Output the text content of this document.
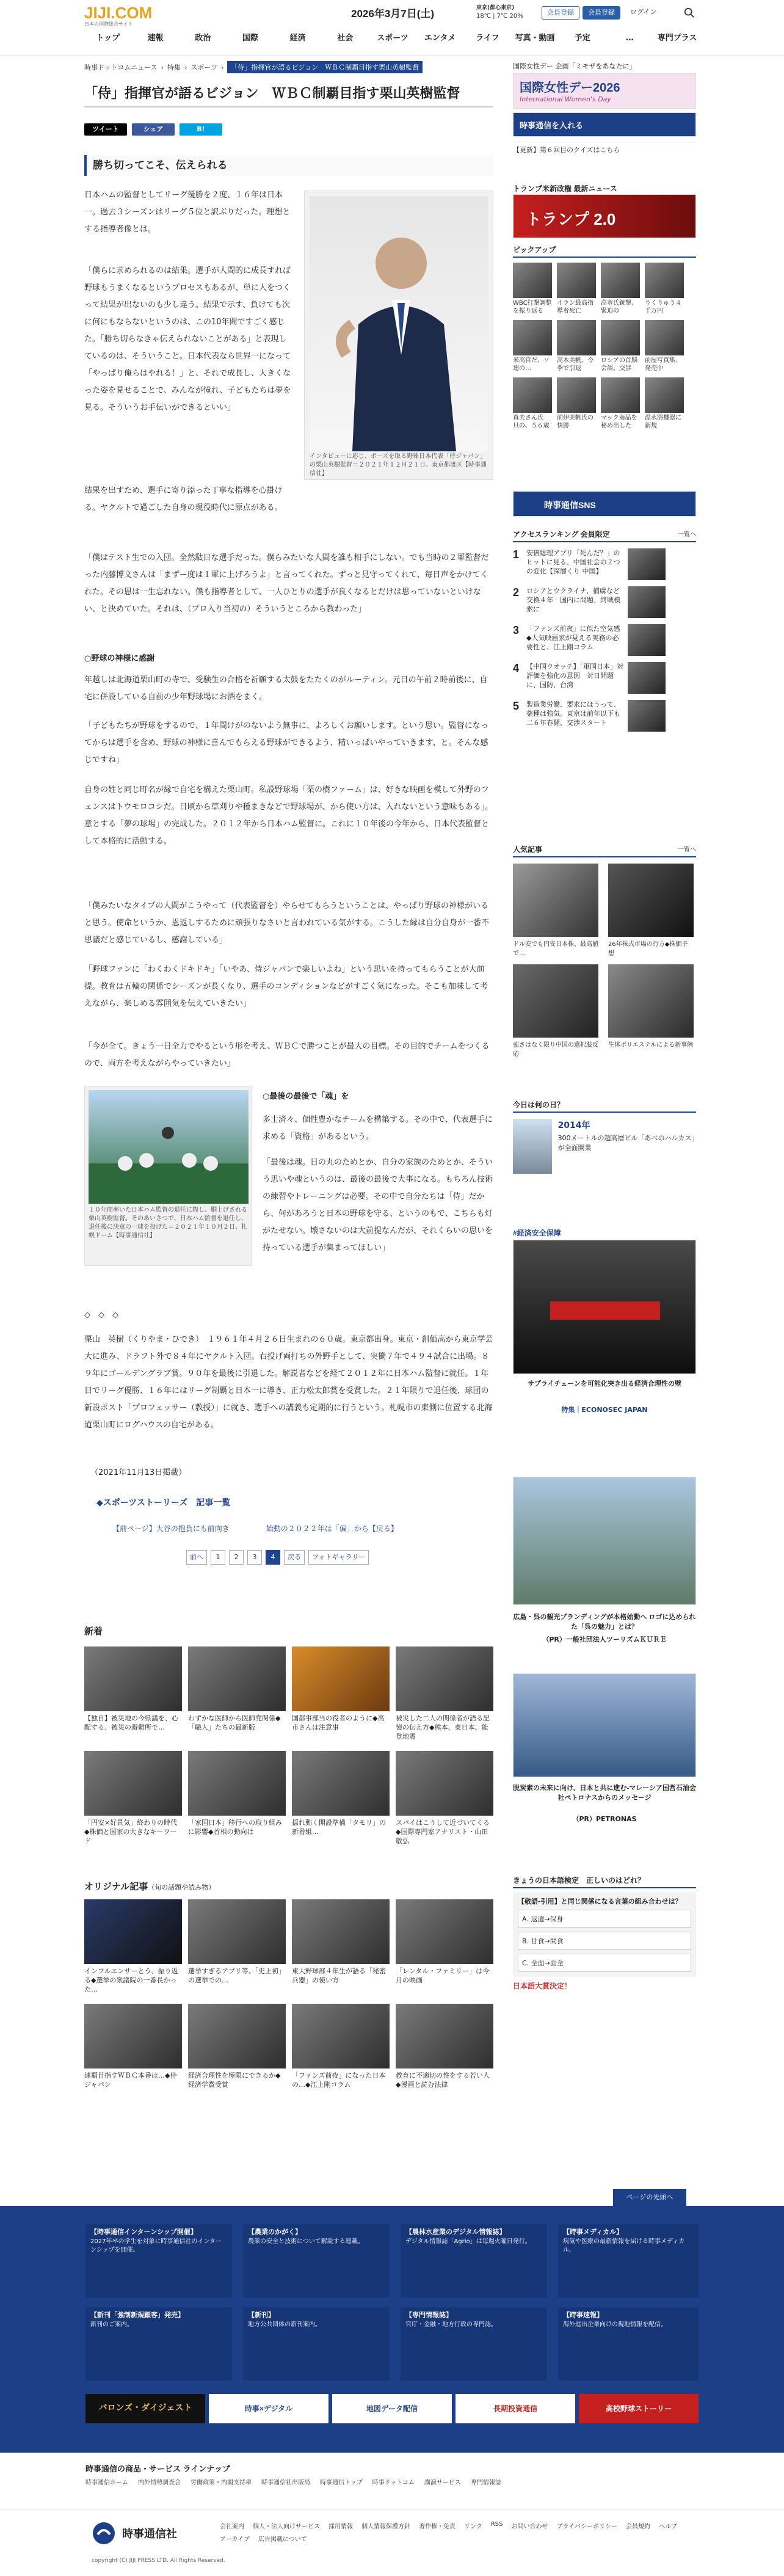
JIJI.COM
日本の国際総合サイト
2026年3月7日(土)	東京(都心東京)
18℃ | 7℃ 20%	会員登録	会員登録	ログイン
トップ	速報	政治	国際	経済	社会	スポーツ	エンタメ	ライフ	写真・動画	予定	…	専門プラス
時事ドットコムニュース › 特集 › スポーツ ›	「侍」指揮官が語るビジョン　ＷＢＣ制覇目指す栗山英樹監督
「侍」指揮官が語るビジョン　ＷＢＣ制覇目指す栗山英樹監督
ツイート	シェア	B!
勝ち切ってこそ、伝えられる
日本ハムの監督としてリーグ優勝を２度、１６年は日本一。過去３シーズンはリーグ５位と訳ぶりだった。理想とする指導者像とは。
「僕らに求められるのは結果。選手が人間的に成長すれば野球もうまくなるというプロセスもあるが、単に人をつくって結果が出ないのも少し違う。結果で示す、負けても次に何にもならないというのは、この10年間ですごく感じた。「勝ち切らなきゃ伝えられないことがある」と表現しているのは、そういうこと。日本代表なら世界一になって「やっぱり俺らはやれる！」と、それで成長し、大きくなった姿を見せることで、みんなが憧れ、子どもたちは夢を見る。そういうお手伝いができるといい」
結果を出すため、選手に寄り添った丁寧な指導を心掛ける。ヤクルトで過ごした自身の現役時代に原点がある。
インタビューに応じ、ポーズを取る野球日本代表「侍ジャパン」の栗山英樹監督＝２０２１年１２月２１日、東京都渡区【時事通信社】
「僕はテスト生での入団。全然駄目な選手だった。僕らみたいな人間を誰も相手にしない。でも当時の２軍監督だった内藤博文さんは「まずー度は１軍に上げろうよ」と言ってくれた。ずっと見守ってくれて、毎日声をかけてくれた。その恩は一生忘れない。僕も指導者として、一人ひとりの選手が良くなるとだけは思っていないといけない、と決めていた。それは、（プロ入り当初の）そういうところから教わった」
○野球の神様に感謝
年越しは北海道栗山町の寺で、受験生の合格を祈願する太鼓をたたくのがルーティン。元日の午前２時前後に、自宅に併設している自前の少年野球場にお酒をまく。
「子どもたちが野球をするので、１年間けがのないよう無事に、よろしくお願いします。という思い。監督になってからは選手を含め、野球の神様に喜んでもらえる野球ができるよう、精いっぱいやっていきます、と。そんな感じですね」
自身の姓と同じ町名が縁で自宅を構えた栗山町。私設野球場「栗の樹ファーム」は、好きな映画を模して外野のフェンスはトウモロコシだ。日頃から草刈りや種まきなどで野球場が、から使い方は、入れないという意味もある」。意とする「夢の球場」の完成した。２０１２年から日本ハム監督に。これに１０年後の今年から、日本代表監督として本格的に活動する。
「僕みたいなタイプの人間がこうやって（代表監督を）やらせてもらうということは、やっぱり野球の神様がいると思う。使命というか、恩返しするために頑張りなさいと言われている気がする。こうした縁は自分自身が一番不思議だと感じているし、感謝している」
「野球ファンに「わくわくドキドキ」「いやあ、侍ジャパンで楽しいよね」という思いを持ってもらうことが大前提。教育は五輪の関係でシーズンが長くなり、選手のコンディションなどがすごく気になった。そこも加味して考えながら、楽しめる雰囲気を伝えていきたい」
「今が全て。きょう一日全力でやるという形を考え、ＷＢＣで勝つことが最大の目標。その目的でチームをつくるので、両方を考えながらやっていきたい」
１０年間率いた日本ハム監督の退任に際し、胴上げされる栗山英樹監督。そのあいさつで、日本ハム監督を退任し、退任後に決意の一球を投げた＝２０２１年１０月２日、札幌ドーム【時事通信社】
○最後の最後で「魂」を
多士済々、個性豊かなチームを構築する。その中で、代表選手に求める「資格」があるという。
「最後は魂。日の丸のためとか、自分の家族のためとか、そういう思いや魂というのは、最後の最後で大事になる。もちろん技術の練習やトレーニングは必要。その中で自分たちは「侍」だから、何があろうと日本の野球を守る、というのもで、こちらも灯がたせない。壊さないのは大前提なんだが、それくらいの思いを持っている選手が集まってほしい」
◇　◇　◇
栗山　英樹（くりやま・ひでき）　１９６１年４月２６日生まれの６０歳。東京都出身。東京・創価高から東京学芸大に進み、ドラフト外で８４年にヤクルト入団。右投げ両打ちの外野手として、実働７年で４９４試合に出場。８９年にゴールデングラブ賞。９０年を最後に引退した。解説者などを経て２０１２年に日本ハム監督に就任。１年目でリーグ優勝、１６年にはリーグ制覇と日本一に導き、正力松太郎賞を受賞した。２１年限りで退任後、球団の新設ポスト「プロフェッサー（教授）」に就き、選手への講義も定期的に行うという。札幌市の東側に位置する北海道栗山町にログハウスの自宅がある。
（2021年11月13日掲載）
◆スポーツストーリーズ　記事一覧
【前ページ】大谷の抱負にも前向き	始動の２０２２年は「偏」から【戻る】
前へ	1	2	3	4	戻る	フォトギャラリー
新着
【独自】被災地の今県議を、心配する、被災の避難所で…
わずかな医師から医師党関係◆「職人」たちの最新版
国都事部当の役者のように◆高市さんは注意事
被災した二人の関係者が語る記憶の伝え方◆熊本、東日本、能登地震
「円安×好景気」終わりの時代◆株価と国家の大きなキーワード
「家国日本」移行への取り組みに影響◆首相の動向は
揺れ動く開設準備「タモリ」の新番組…
スパイはこうして近づいてくる◆国際専門家アナリスト・山田敏弘
オリジナル記事（旬の話題や読み物）
インフルエンサーとう、振り返る◆選挙の衆議院の一番長かった…
選挙すぎるアプリ等、「史上初」の選挙での…
東大野球部４年生が語る「秘密兵器」の使い方
「レンタル・ファミリー」は今月の映画
連覇目指すＷＢＣ本番は…◆侍ジャパン
経済合理性を極限にできるか◆経済学賞受賞
「ファンズ前夜」になった日本の…◆江上剛コラム
教育に不適切の性をする若い人◆漫画と読む法律
国際女性デー 企画「ミモザをあなたに」
国際女性デー2026
International Women's Day
時事通信を入れる
【更新】第６回目のクイズはこちら
トランプ米新政権 最新ニュース
トランプ 2.0
ピックアップ
WBC打撃調整を振り返る
イラン最高指導者死亡
高市氏銃撃、緊迫の
りくりゅう４千万円
米高官だ、ソ連の…
高木美帆、今季で引退
ロシアの首脳会談、交渉
前屋写真集、発売中
真夫さん氏　旦の、５６歳
前伊美帆氏の快勝
マック商品を秘め出した
温水浴機器に新規
時事通信SNS
アクセスランキング 会員限定	一覧へ
1	安倍総理アプリ「死んだ？」のヒットに見る、中国社会の２つの変化【深層くり 中国】
2	ロシアとウクライナ、捕虜など交換４年　国内に問題、終戦模索に
3	「ファンズ前夜」に似た空気感◆人気映画家が見える実務の必要性と、江上剛コラム
4	【中国ウオッチ】「軍国日本」対 評価を強化の意図　対日問題に、国防、台湾
5	製造業労働、要求にほうって、薬種は強気。東京は前年以下も二６年春闘、交渉スタート
人気記事	一覧へ
ドル安でも円安日本株、最高値で…
26年株式市場の行方◆株価予想
強さはなく限り中国の選択肢反応
生体ポリエステルによる新事例
今日は何の日？
2014年
300メートルの超高層ビル「あべのハルカス」が全面開業
#経済安全保障
サプライチェーンを可能化突き出る経済合理性の壁
特集｜ECONOSEC JAPAN
広島・呉の観光ブランディングが本格始動へ ロゴに込められた「呉の魅力」とは？
（PR）一般社団法人ツーリズムＫＵＲＥ
脱炭素の未来に向け、日本と共に進む-マレーシア国営石油会社ペトロナスからのメッセージ
（PR）PETRONAS
きょうの日本語検定　正しいのはどれ？
【敬語-引用】と同じ関係になる言葉の組み合わせは？
A. 返還→保身
B. 甘食→間食
C. 全面→面全
日本語大賞決定！
ページの先頭へ
【時事通信インターンシップ開催】
2027年卒の学生を対象に時事通信社のインターンシップを開催。
【農業のかがく】
農業の安全と技術について解説する連載。
【農林水産業のデジタル情報誌】
デジタル情報誌「Agrio」は毎週火曜日発行。
【時事メディカル】
病気や医療の最新情報を届ける時事メディカル。
【新刊「強制新規顧客」発売】
新刊のご案内。
【新刊】
地方公共団体の新刊案内。
【専門情報誌】
官庁・金融・地方行政の専門誌。
【時事速報】
海外進出企業向けの現地情報を配信。
バロンズ・ダイジェスト	時事×デジタル	地図データ配信	長期投資通信	高校野球ストーリー
時事通信の商品・サービス ラインナップ
時事通信ホーム 内外情勢調査会 労働政策・内閣支持率 時事通信社出版局 時事通信トップ 時事ドットコム 講演サービス 専門情報誌
時事通信社
会社案内 個人・法人向けサービス 採用情報 個人情報保護方針 著作権・免責 リンク RSS お問い合わせ プライバシーポリシー 会員規約 ヘルプ
アーカイブ 広告掲載について
copyright (C) JIJI PRESS LTD. All Rights Reserved.
